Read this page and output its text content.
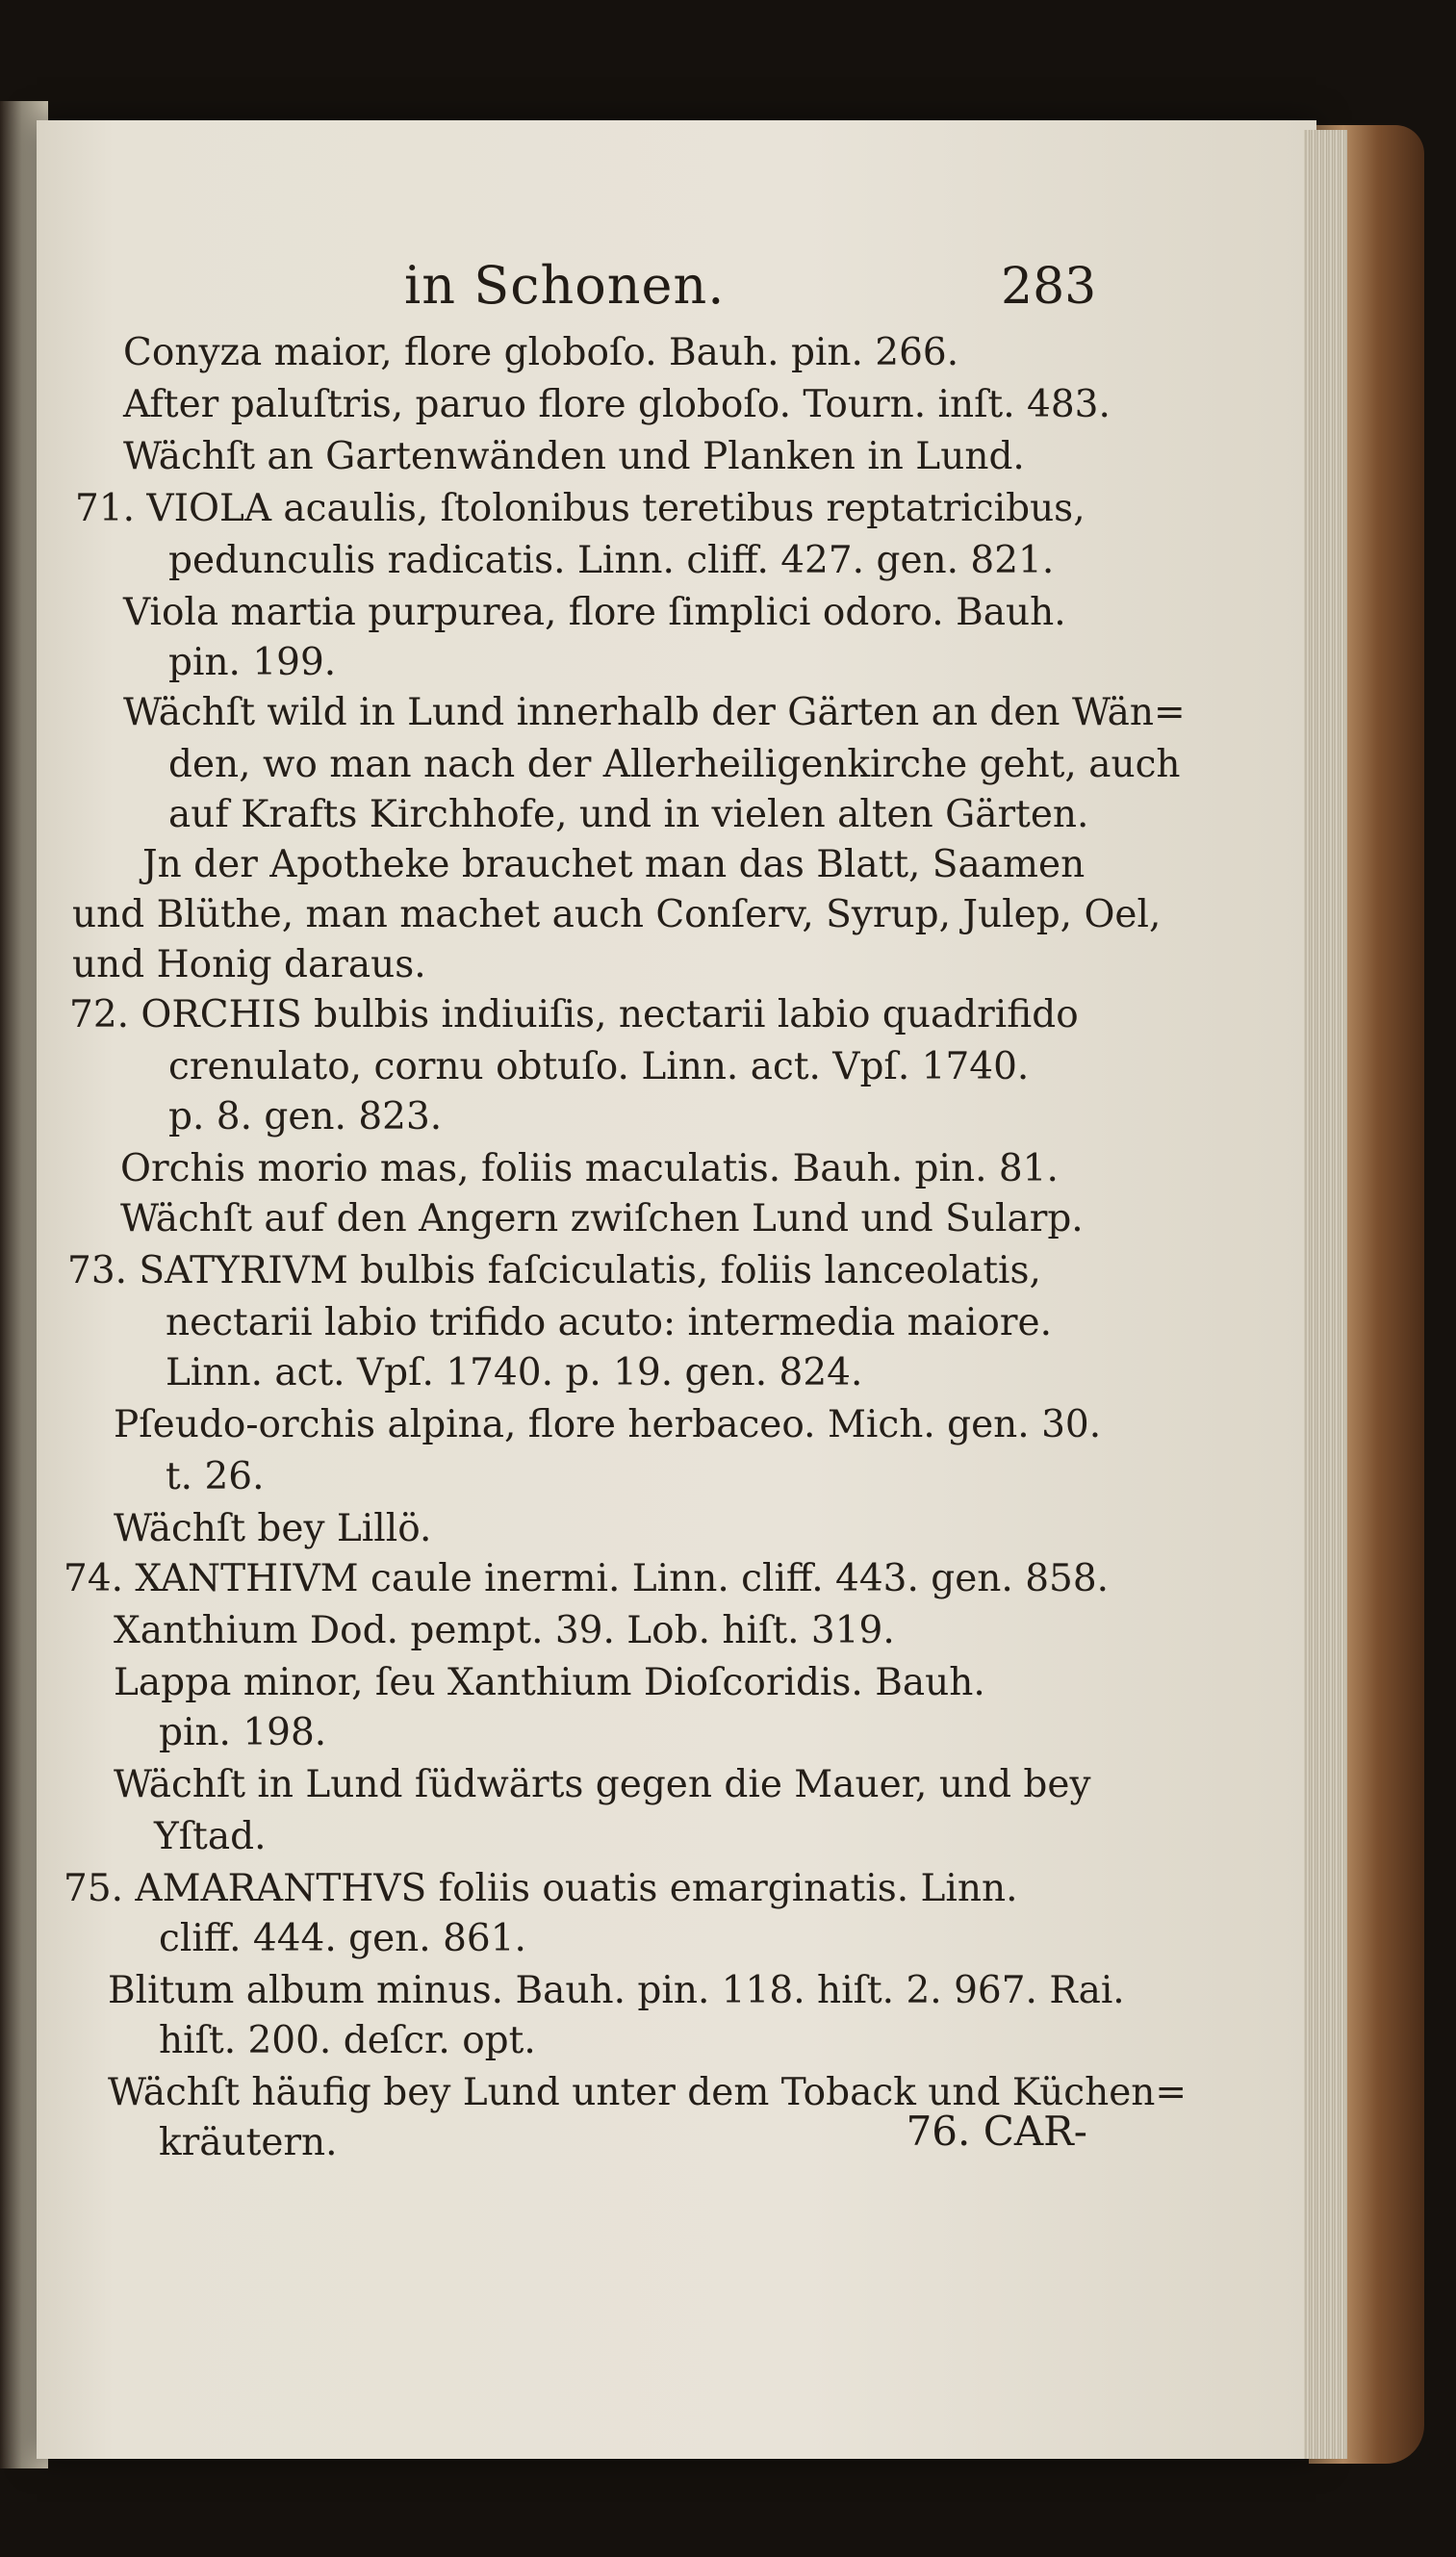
in Schonen.	283
Conyza maior, flore globoſo. Bauh. pin. 266.
After paluſtris, paruo flore globoſo. Tourn. inſt. 483.
Wächſt an Gartenwänden und Planken in Lund.
71. VIOLA acaulis, ſtolonibus teretibus reptatricibus,
pedunculis radicatis. Linn. cliff. 427. gen. 821.
Viola martia purpurea, flore ſimplici odoro. Bauh.
pin. 199.
Wächſt wild in Lund innerhalb der Gärten an den Wän=
den, wo man nach der Allerheiligenkirche geht, auch
auf Krafts Kirchhofe, und in vielen alten Gärten.
Jn der Apotheke brauchet man das Blatt, Saamen
und Blüthe, man machet auch Conſerv, Syrup, Julep, Oel,
und Honig daraus.
72. ORCHIS bulbis indiuiſis, nectarii labio quadrifido
crenulato, cornu obtuſo. Linn. act. Vpſ. 1740.
p. 8. gen. 823.
Orchis morio mas, foliis maculatis. Bauh. pin. 81.
Wächſt auf den Angern zwiſchen Lund und Sularp.
73. SATYRIVM bulbis faſciculatis, foliis lanceolatis,
nectarii labio trifido acuto: intermedia maiore.
Linn. act. Vpſ. 1740. p. 19. gen. 824.
Pſeudo-orchis alpina, flore herbaceo. Mich. gen. 30.
t. 26.
Wächſt bey Lillö.
74. XANTHIVM caule inermi. Linn. cliff. 443. gen. 858.
Xanthium Dod. pempt. 39. Lob. hiſt. 319.
Lappa minor, ſeu Xanthium Dioſcoridis. Bauh.
pin. 198.
Wächſt in Lund ſüdwärts gegen die Mauer, und bey
Yſtad.
75. AMARANTHVS foliis ouatis emarginatis. Linn.
cliff. 444. gen. 861.
Blitum album minus. Bauh. pin. 118. hiſt. 2. 967. Rai.
hiſt. 200. deſcr. opt.
Wächſt häufig bey Lund unter dem Toback und Küchen=
kräutern.	76. CAR-
